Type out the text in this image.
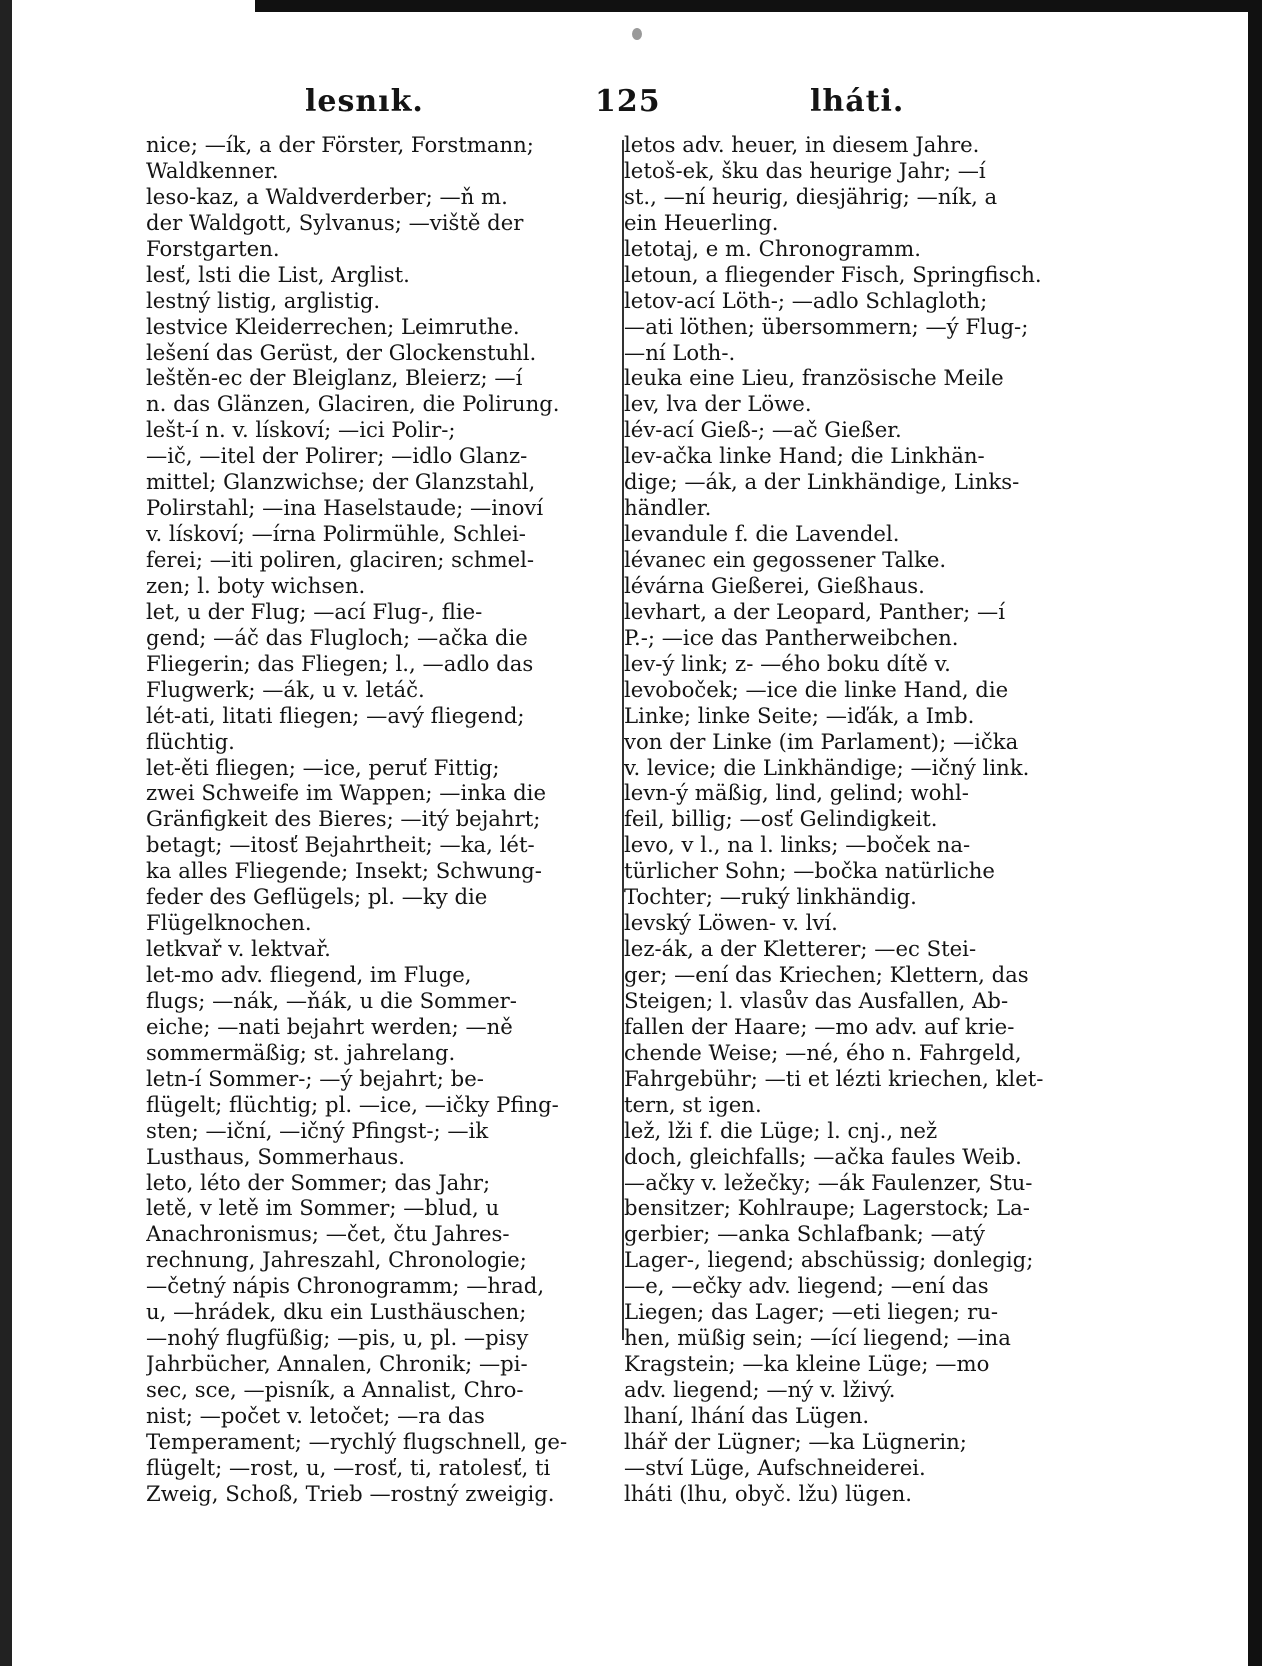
lesnık.	125	lháti.
nice; —ík, a der Förster, Forstmann;
Waldkenner.
leso-kaz, a Waldverderber; —ň m.
der Waldgott, Sylvanus; —viště der
Forstgarten.
lesť, lsti die List, Arglist.
lestný listig, arglistig.
lestvice Kleiderrechen; Leimruthe.
lešení das Gerüst, der Glockenstuhl.
leštěn-ec der Bleiglanz, Bleierz; —í
n. das Glänzen, Glaciren, die Polirung.
lešt-í n. v. lískoví; —ici Polir-;
—ič, —itel der Polirer; —idlo Glanz-
mittel; Glanzwichse; der Glanzstahl,
Polirstahl; —ina Haselstaude; —inoví
v. lískoví; —írna Polirmühle, Schlei-
ferei; —iti poliren, glaciren; schmel-
zen; l. boty wichsen.
let, u der Flug; —ací Flug-, flie-
gend; —áč das Flugloch; —ačka die
Fliegerin; das Fliegen; l., —adlo das
Flugwerk; —ák, u v. letáč.
lét-ati, litati fliegen; —avý fliegend;
flüchtig.
let-ěti fliegen; —ice, peruť Fittig;
zwei Schweife im Wappen; —inka die
Gränfigkeit des Bieres; —itý bejahrt;
betagt; —itosť Bejahrtheit; —ka, lét-
ka alles Fliegende; Insekt; Schwung-
feder des Geflügels; pl. —ky die
Flügelknochen.
letkvař v. lektvař.
let-mo adv. fliegend, im Fluge,
flugs; —nák, —ňák, u die Sommer-
eiche; —nati bejahrt werden; —ně
sommermäßig; st. jahrelang.
letn-í Sommer-; —ý bejahrt; be-
flügelt; flüchtig; pl. —ice, —ičky Pfing-
sten; —iční, —ičný Pfingst-; —ik
Lusthaus, Sommerhaus.
leto, léto der Sommer; das Jahr;
letě, v letě im Sommer; —blud, u
Anachronismus; —čet, čtu Jahres-
rechnung, Jahreszahl, Chronologie;
—četný nápis Chronogramm; —hrad,
u, —hrádek, dku ein Lusthäuschen;
—nohý flugfüßig; —pis, u, pl. —pisy
Jahrbücher, Annalen, Chronik; —pi-
sec, sce, —pisník, a Annalist, Chro-
nist; —počet v. letočet; —ra das
Temperament; —rychlý flugschnell, ge-
flügelt; —rost, u, —rosť, ti, ratolesť, ti
Zweig, Schoß, Trieb —rostný zweigig.
letos adv. heuer, in diesem Jahre.
letoš-ek, šku das heurige Jahr; —í
st., —ní heurig, diesjährig; —ník, a
ein Heuerling.
letotaj, e m. Chronogramm.
letoun, a fliegender Fisch, Springfisch.
letov-ací Löth-; —adlo Schlagloth;
—ati löthen; übersommern; —ý Flug-;
—ní Loth-.
leuka eine Lieu, französische Meile
lev, lva der Löwe.
lév-ací Gieß-; —ač Gießer.
lev-ačka linke Hand; die Linkhän-
dige; —ák, a der Linkhändige, Links-
händler.
levandule f. die Lavendel.
lévanec ein gegossener Talke.
lévárna Gießerei, Gießhaus.
levhart, a der Leopard, Panther; —í
P.-; —ice das Pantherweibchen.
lev-ý link; z- —ého boku dítě v.
levoboček; —ice die linke Hand, die
Linke; linke Seite; —iďák, a Imb.
von der Linke (im Parlament); —ička
v. levice; die Linkhändige; —ičný link.
levn-ý mäßig, lind, gelind; wohl-
feil, billig; —osť Gelindigkeit.
levo, v l., na l. links; —boček na-
türlicher Sohn; —bočka natürliche
Tochter; —ruký linkhändig.
levský Löwen- v. lví.
lez-ák, a der Kletterer; —ec Stei-
ger; —ení das Kriechen; Klettern, das
Steigen; l. vlasův das Ausfallen, Ab-
fallen der Haare; —mo adv. auf krie-
chende Weise; —né, ého n. Fahrgeld,
Fahrgebühr; —ti et lézti kriechen, klet-
tern, st igen.
lež, lži f. die Lüge; l. cnj., než
doch, gleichfalls; —ačka faules Weib.
—ačky v. ležečky; —ák Faulenzer, Stu-
bensitzer; Kohlraupe; Lagerstock; La-
gerbier; —anka Schlafbank; —atý
Lager-, liegend; abschüssig; donlegig;
—e, —ečky adv. liegend; —ení das
Liegen; das Lager; —eti liegen; ru-
hen, müßig sein; —ící liegend; —ina
Kragstein; —ka kleine Lüge; —mo
adv. liegend; —ný v. lživý.
lhaní, lhání das Lügen.
lhář der Lügner; —ka Lügnerin;
—ství Lüge, Aufschneiderei.
lháti (lhu, obyč. lžu) lügen.
